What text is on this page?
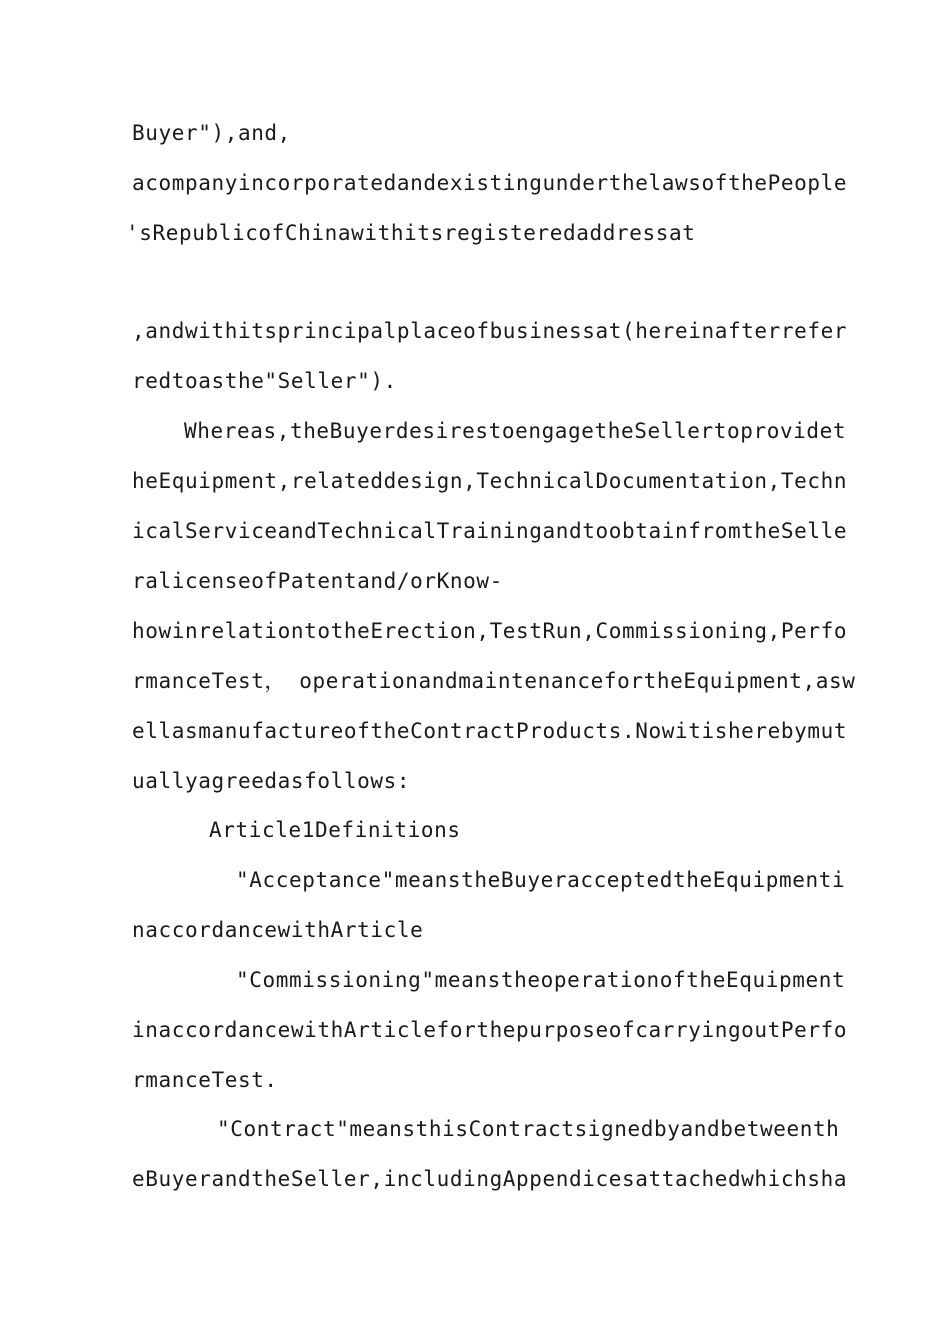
Buyer"),and,
acompanyincorporatedandexistingunderthelawsofthePeople
'sRepublicofChinawithitsregisteredaddressat
,andwithitsprincipalplaceofbusinessat(hereinafterrefer
redtoasthe"Seller").
Whereas,theBuyerdesirestoengagetheSellertoprovidet
heEquipment,relateddesign,TechnicalDocumentation,Techn
icalServiceandTechnicalTrainingandtoobtainfromtheSelle
ralicenseofPatentand/orKnow-
howinrelationtotheErection,TestRun,Commissioning,Perfo
rmanceTest， operationandmaintenancefortheEquipment,asw
ellasmanufactureoftheContractProducts.Nowitisherebymut
uallyagreedasfollows:
Article1Definitions
"Acceptance"meanstheBuyeracceptedtheEquipmenti
naccordancewithArticle
"Commissioning"meanstheoperationoftheEquipment
inaccordancewithArticleforthepurposeofcarryingoutPerfo
rmanceTest.
"Contract"meansthisContractsignedbyandbetweenth
eBuyerandtheSeller,includingAppendicesattachedwhichsha
